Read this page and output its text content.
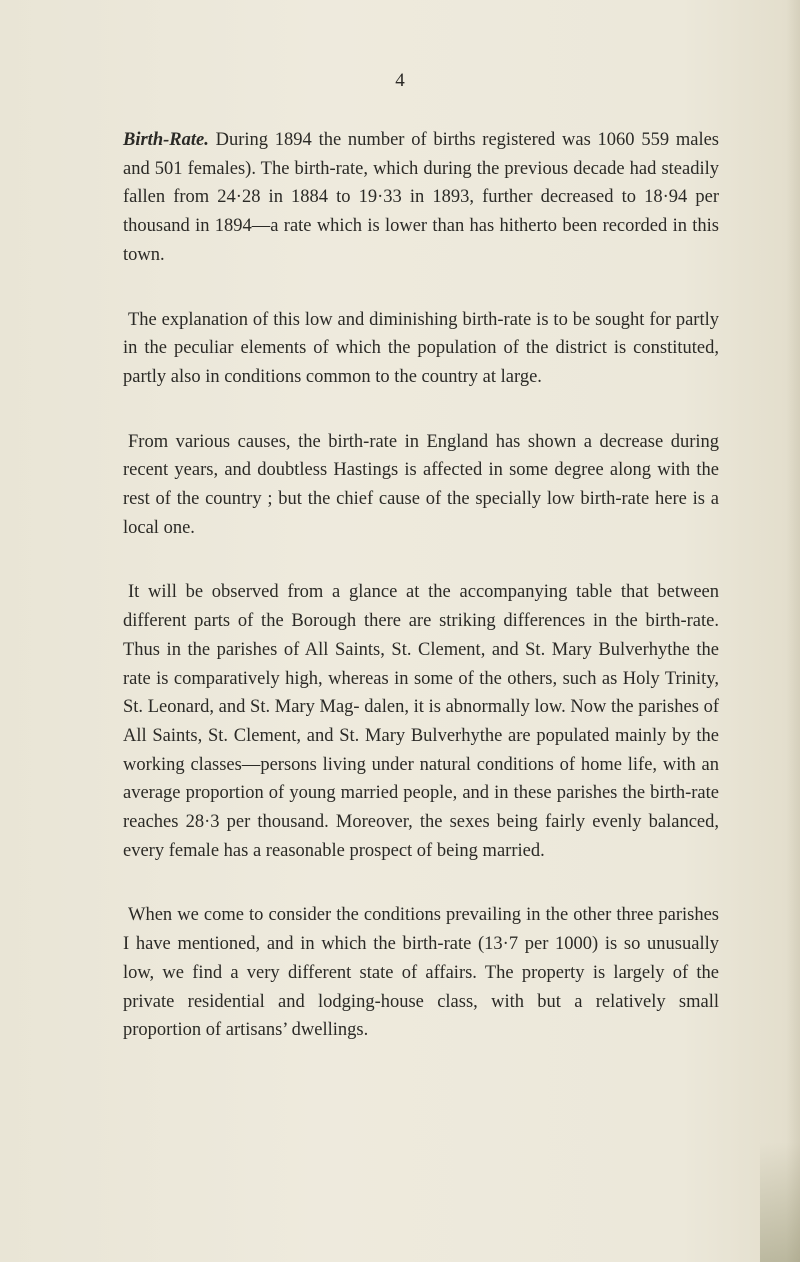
4

Birth-Rate. During 1894 the number of births registered was 1060 559 males and 501 females). The birth-rate, which during the previous decade had steadily fallen from 24·28 in 1884 to 19·33 in 1893, further decreased to 18·94 per thousand in 1894—a rate which is lower than has hitherto been recorded in this town.

The explanation of this low and diminishing birth-rate is to be sought for partly in the peculiar elements of which the population of the district is constituted, partly also in conditions common to the country at large.

From various causes, the birth-rate in England has shown a decrease during recent years, and doubtless Hastings is affected in some degree along with the rest of the country ; but the chief cause of the specially low birth-rate here is a local one.

It will be observed from a glance at the accompanying table that between different parts of the Borough there are striking differences in the birth-rate. Thus in the parishes of All Saints, St. Clement, and St. Mary Bulverhythe the rate is comparatively high, whereas in some of the others, such as Holy Trinity, St. Leonard, and St. Mary Mag- dalen, it is abnormally low. Now the parishes of All Saints, St. Clement, and St. Mary Bulverhythe are populated mainly by the working classes—persons living under natural conditions of home life, with an average proportion of young married people, and in these parishes the birth-rate reaches 28·3 per thousand. Moreover, the sexes being fairly evenly balanced, every female has a reasonable prospect of being married.

When we come to consider the conditions prevailing in the other three parishes I have mentioned, and in which the birth-rate (13·7 per 1000) is so unusually low, we find a very different state of affairs. The property is largely of the private residential and lodging-house class, with but a relatively small proportion of artisans’ dwellings.
